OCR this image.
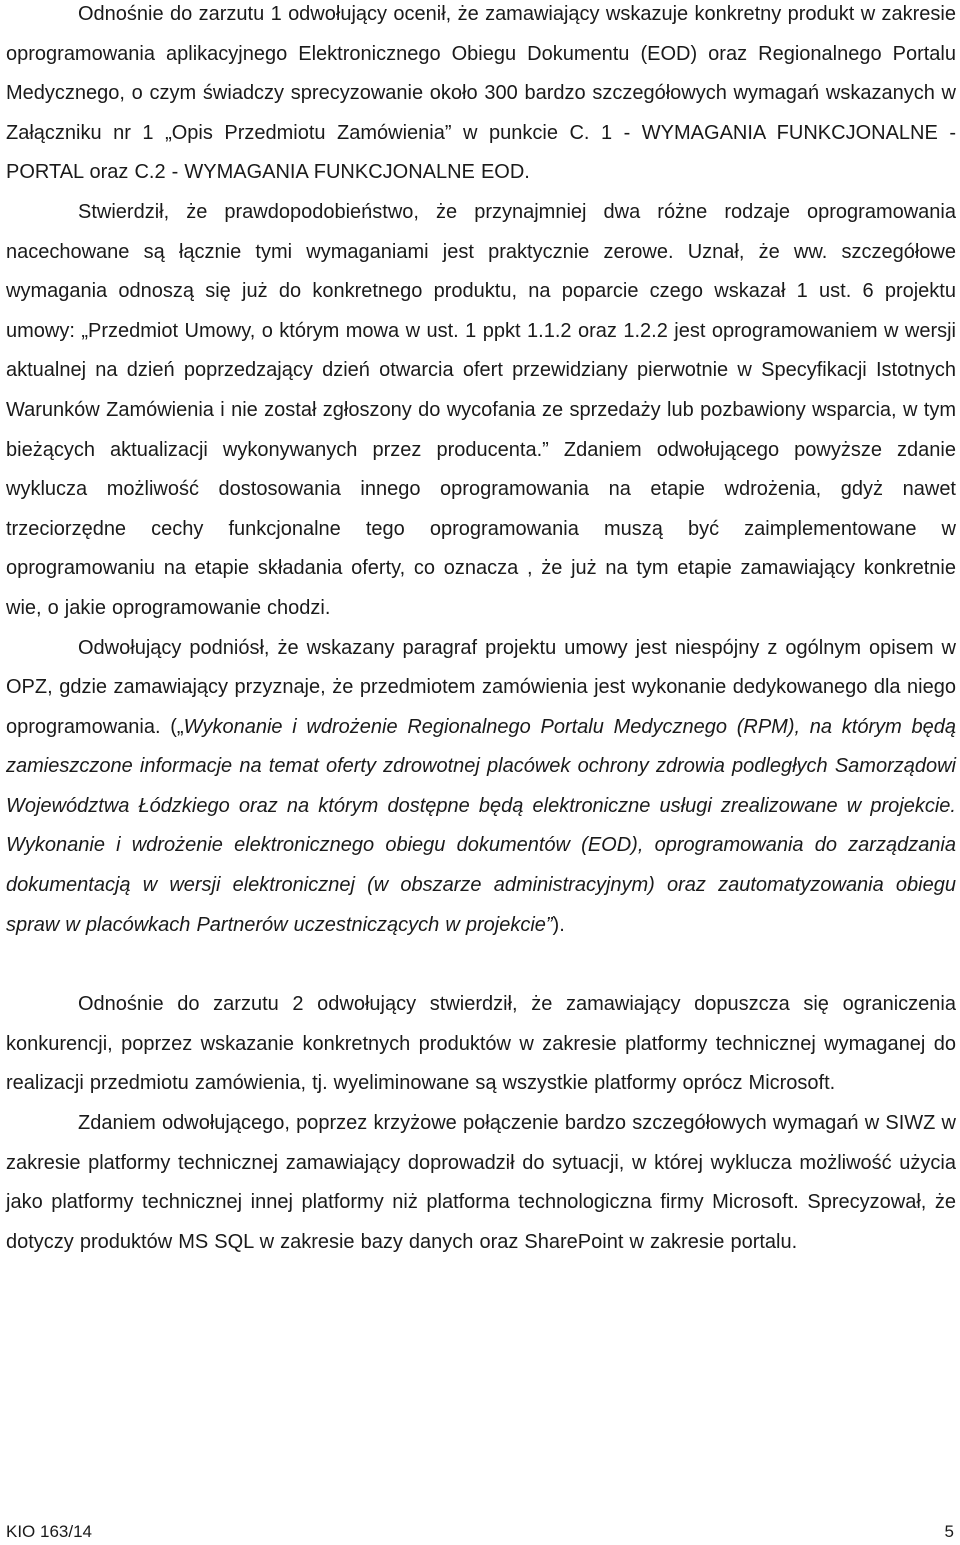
Odnośnie do zarzutu 1 odwołujący ocenił, że zamawiający wskazuje konkretny produkt w zakresie oprogramowania aplikacyjnego Elektronicznego Obiegu Dokumentu (EOD) oraz Regionalnego Portalu Medycznego, o czym świadczy sprecyzowanie około 300 bardzo szczegółowych wymagań wskazanych w Załączniku nr 1 „Opis Przedmiotu Zamówienia” w punkcie C. 1 - WYMAGANIA FUNKCJONALNE - PORTAL oraz C.2 - WYMAGANIA FUNKCJONALNE EOD.

Stwierdził, że prawdopodobieństwo, że przynajmniej dwa różne rodzaje oprogramowania nacechowane są łącznie tymi wymaganiami jest praktycznie zerowe. Uznał, że ww. szczegółowe wymagania odnoszą się już do konkretnego produktu, na poparcie czego wskazał 1 ust. 6 projektu umowy: „Przedmiot Umowy, o którym mowa w ust. 1 ppkt 1.1.2 oraz 1.2.2 jest oprogramowaniem w wersji aktualnej na dzień poprzedzający dzień otwarcia ofert przewidziany pierwotnie w Specyfikacji Istotnych Warunków Zamówienia i nie został zgłoszony do wycofania ze sprzedaży lub pozbawiony wsparcia, w tym bieżących aktualizacji wykonywanych przez producenta.” Zdaniem odwołującego powyższe zdanie wyklucza możliwość dostosowania innego oprogramowania na etapie wdrożenia, gdyż nawet trzeciorzędne cechy funkcjonalne tego oprogramowania muszą być zaimplementowane w oprogramowaniu na etapie składania oferty, co oznacza , że już na tym etapie zamawiający konkretnie wie, o jakie oprogramowanie chodzi.

Odwołujący podniósł, że wskazany paragraf projektu umowy jest niespójny z ogólnym opisem w OPZ, gdzie zamawiający przyznaje, że przedmiotem zamówienia jest wykonanie dedykowanego dla niego oprogramowania. („Wykonanie i wdrożenie Regionalnego Portalu Medycznego (RPM), na którym będą zamieszczone informacje na temat oferty zdrowotnej placówek ochrony zdrowia podległych Samorządowi Województwa Łódzkiego oraz na którym dostępne będą elektroniczne usługi zrealizowane w projekcie. Wykonanie i wdrożenie elektronicznego obiegu dokumentów (EOD), oprogramowania do zarządzania dokumentacją w wersji elektronicznej (w obszarze administracyjnym) oraz zautomatyzowania obiegu spraw w placówkach Partnerów uczestniczących w projekcie”).

Odnośnie do zarzutu 2 odwołujący stwierdził, że zamawiający dopuszcza się ograniczenia konkurencji, poprzez wskazanie konkretnych produktów w zakresie platformy technicznej wymaganej do realizacji przedmiotu zamówienia, tj. wyeliminowane są wszystkie platformy oprócz Microsoft.

Zdaniem odwołującego, poprzez krzyżowe połączenie bardzo szczegółowych wymagań w SIWZ w zakresie platformy technicznej zamawiający doprowadził do sytuacji, w której wyklucza możliwość użycia jako platformy technicznej innej platformy niż platforma technologiczna firmy Microsoft. Sprecyzował, że dotyczy produktów MS SQL w zakresie bazy danych oraz SharePoint w zakresie portalu.

KIO 163/14	5
